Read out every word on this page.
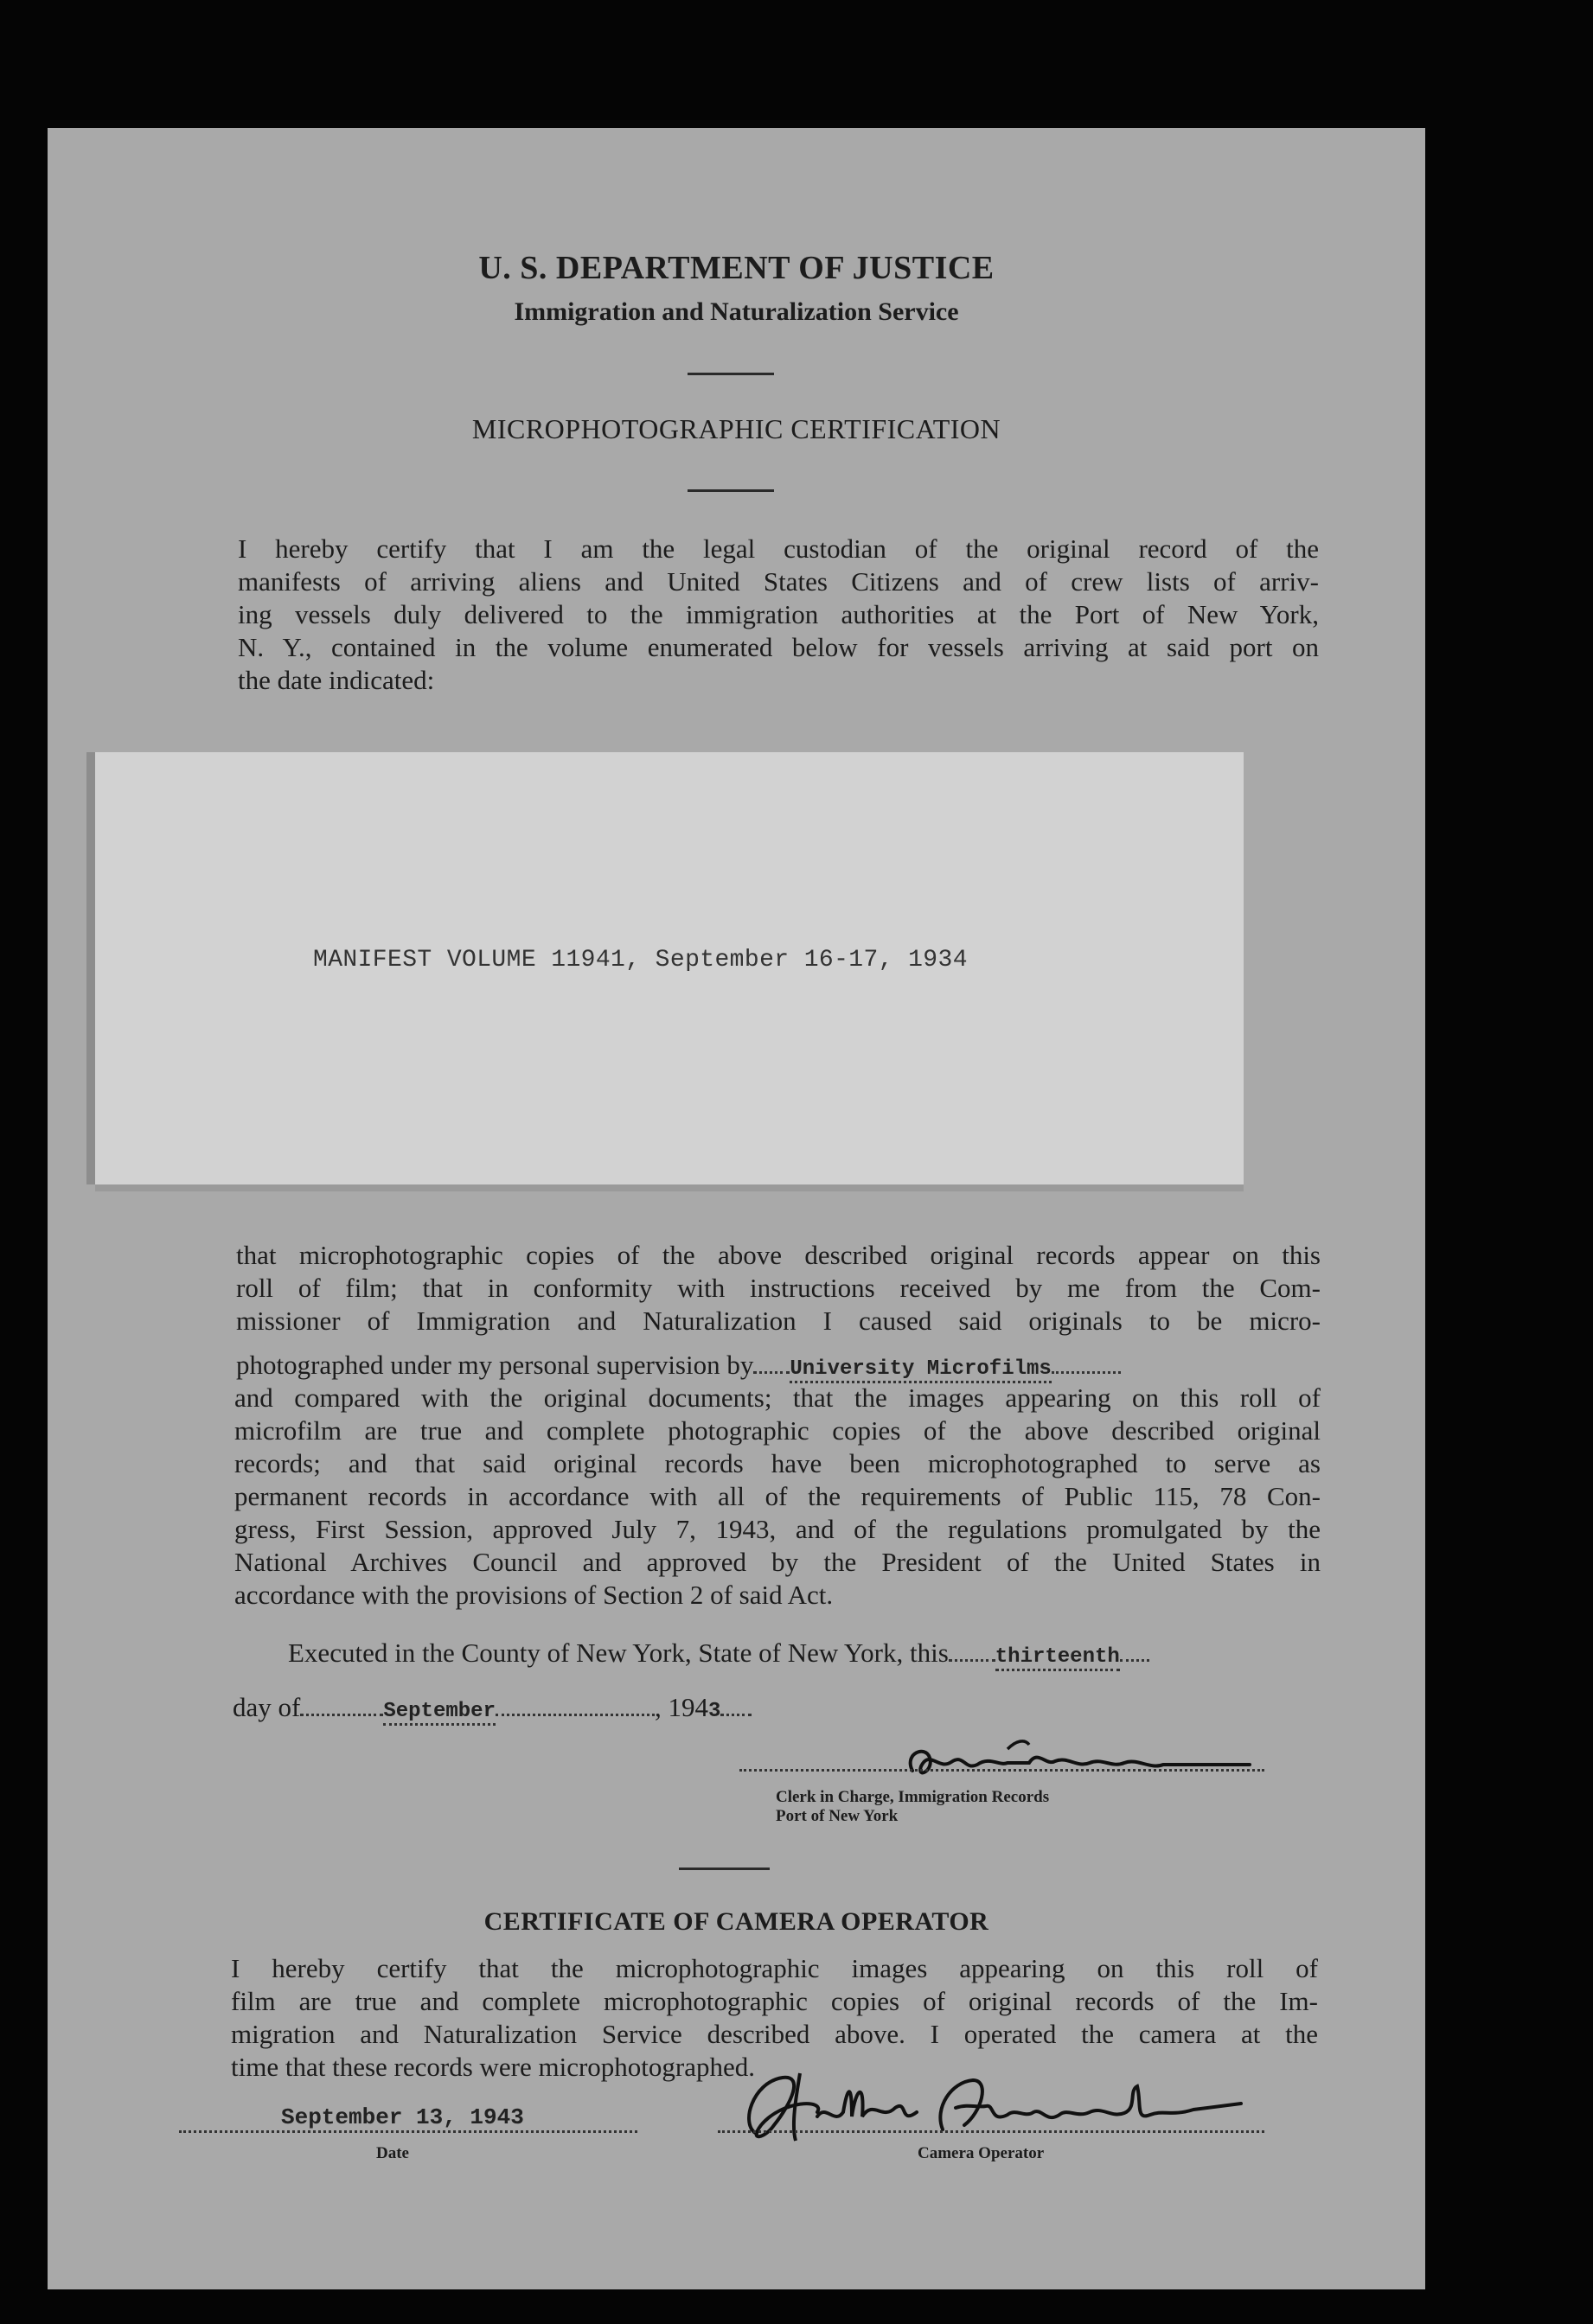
U. S. DEPARTMENT OF JUSTICE
Immigration and Naturalization Service
MICROPHOTOGRAPHIC CERTIFICATION
I hereby certify that I am the legal custodian of the original record of the
manifests of arriving aliens and United States Citizens and of crew lists of arriv-
ing vessels duly delivered to the immigration authorities at the Port of New York,
N. Y., contained in the volume enumerated below for vessels arriving at said port on
the date indicated:
MANIFEST VOLUME 11941, September 16-17, 1934
that microphotographic copies of the above described original records appear on this
roll of film; that in conformity with instructions received by me from the Com-
missioner of Immigration and Naturalization I caused said originals to be micro-
photographed under my personal supervision by University Microfilms
and compared with the original documents; that the images appearing on this roll of
microfilm are true and complete photographic copies of the above described original
records; and that said original records have been microphotographed to serve as
permanent records in accordance with all of the requirements of Public 115, 78 Con-
gress, First Session, approved July 7, 1943, and of the regulations promulgated by the
National Archives Council and approved by the President of the United States in
accordance with the provisions of Section 2 of said Act.
Executed in the County of New York, State of New York, this thirteenth
day of	September	, 1943
Clerk in Charge, Immigration Records
Port of New York
CERTIFICATE OF CAMERA OPERATOR
I hereby certify that the microphotographic images appearing on this roll of
film are true and complete microphotographic copies of original records of the Im-
migration and Naturalization Service described above. I operated the camera at the
time that these records were microphotographed.
September 13, 1943
Date	Camera Operator
